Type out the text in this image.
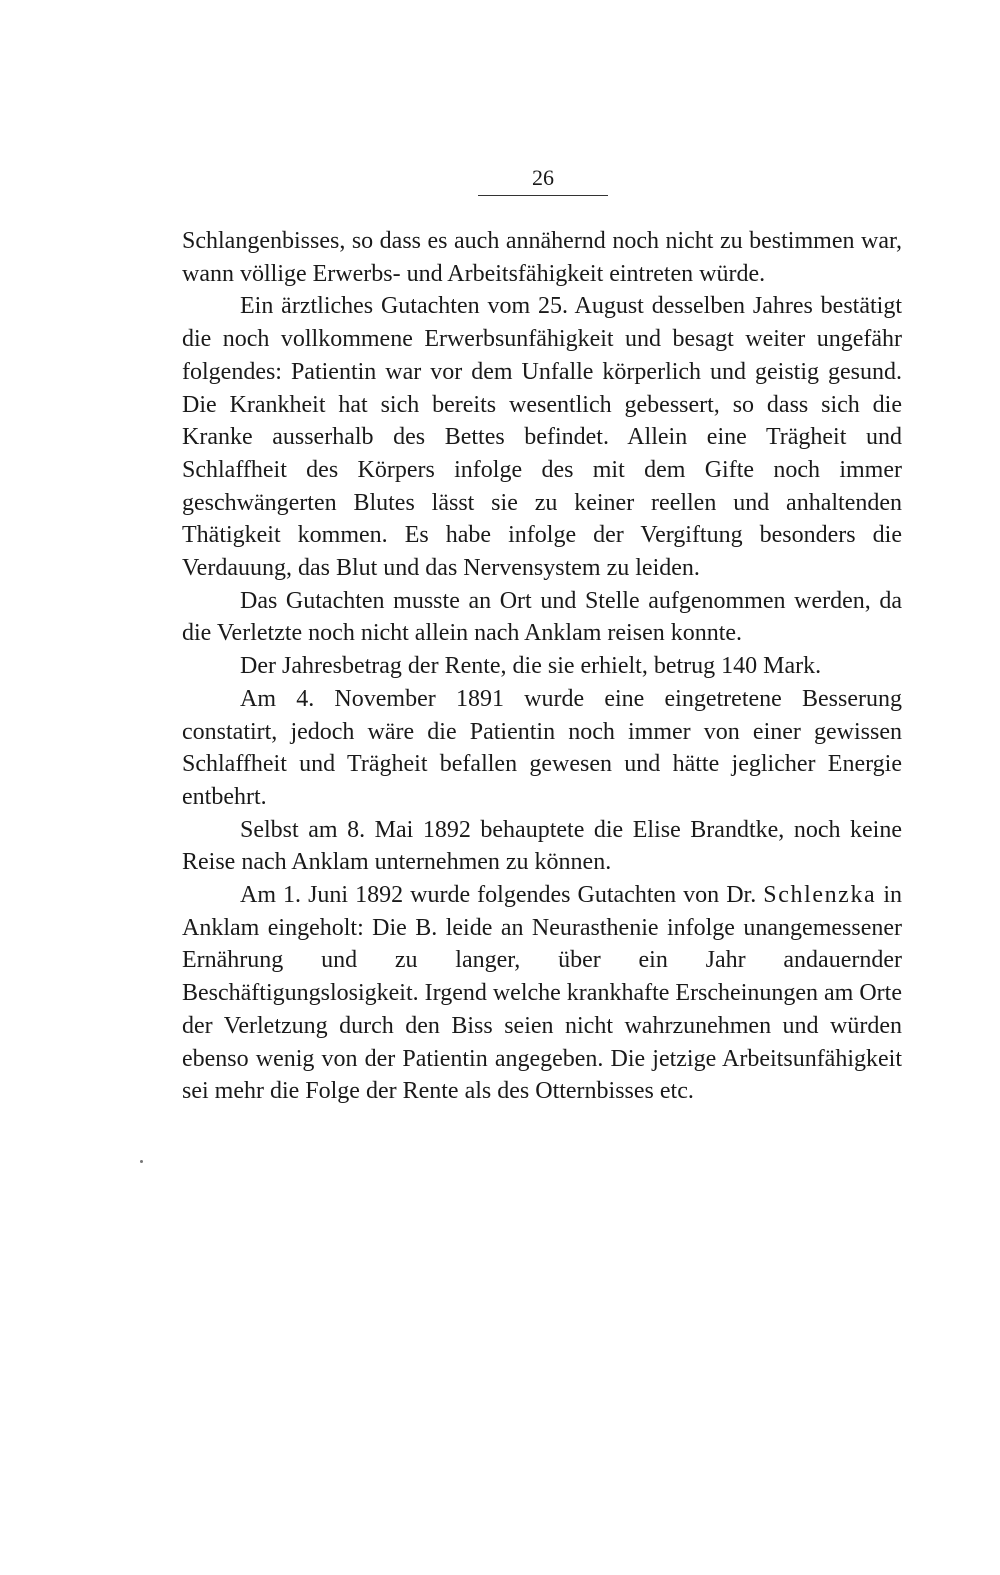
26

Schlangenbisses, so dass es auch annähernd noch nicht zu bestimmen war, wann völlige Erwerbs- und Arbeitsfähigkeit eintreten würde.

Ein ärztliches Gutachten vom 25. August desselben Jahres bestätigt die noch vollkommene Erwerbsunfähigkeit und besagt weiter ungefähr folgendes: Patientin war vor dem Unfalle körperlich und geistig gesund. Die Krankheit hat sich bereits wesentlich gebessert, so dass sich die Kranke ausserhalb des Bettes befindet. Allein eine Trägheit und Schlaffheit des Körpers infolge des mit dem Gifte noch immer geschwängerten Blutes lässt sie zu keiner reellen und anhaltenden Thätigkeit kommen. Es habe infolge der Vergiftung besonders die Verdauung, das Blut und das Nervensystem zu leiden.

Das Gutachten musste an Ort und Stelle aufgenommen werden, da die Verletzte noch nicht allein nach Anklam reisen konnte.

Der Jahresbetrag der Rente, die sie erhielt, betrug 140 Mark.

Am 4. November 1891 wurde eine eingetretene Besserung constatirt, jedoch wäre die Patientin noch immer von einer gewissen Schlaffheit und Trägheit befallen gewesen und hätte jeglicher Energie entbehrt.

Selbst am 8. Mai 1892 behauptete die Elise Brandtke, noch keine Reise nach Anklam unternehmen zu können.

Am 1. Juni 1892 wurde folgendes Gutachten von Dr. Schlenzka in Anklam eingeholt: Die B. leide an Neurasthenie infolge unangemessener Ernährung und zu langer, über ein Jahr andauernder Beschäftigungslosigkeit. Irgend welche krankhafte Erscheinungen am Orte der Verletzung durch den Biss seien nicht wahrzunehmen und würden ebenso wenig von der Patientin angegeben. Die jetzige Arbeitsunfähigkeit sei mehr die Folge der Rente als des Otternbisses etc.
